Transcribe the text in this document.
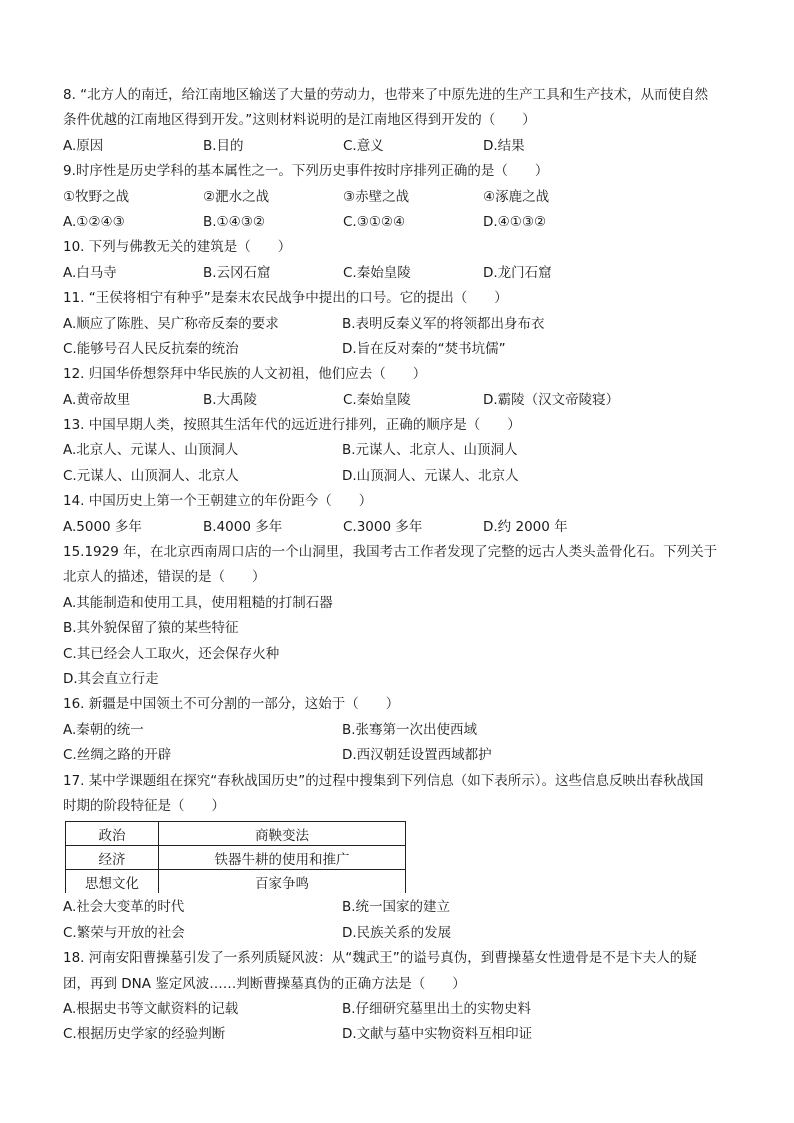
8. “北方人的南迁，给江南地区输送了大量的劳动力，也带来了中原先进的生产工具和生产技术，从而使自然
条件优越的江南地区得到开发。”这则材料说明的是江南地区得到开发的（　　）
A.原因	B.目的	C.意义	D.结果
9.时序性是历史学科的基本属性之一。下列历史事件按时序排列正确的是（　　）
①牧野之战	②淝水之战	③赤壁之战	④涿鹿之战
A.①②④③	B.①④③②	C.③①②④	D.④①③②
10. 下列与佛教无关的建筑是（　　）
A.白马寺	B.云冈石窟	C.秦始皇陵	D.龙门石窟
11. “王侯将相宁有种乎”是秦末农民战争中提出的口号。它的提出（　　）
A.顺应了陈胜、吴广称帝反秦的要求	B.表明反秦义军的将领都出身布衣
C.能够号召人民反抗秦的统治	D.旨在反对秦的“焚书坑儒”
12. 归国华侨想祭拜中华民族的人文初祖，他们应去（　　）
A.黄帝故里	B.大禹陵	C.秦始皇陵	D.霸陵（汉文帝陵寝）
13. 中国早期人类，按照其生活年代的远近进行排列，正确的顺序是（　　）
A.北京人、元谋人、山顶洞人	B.元谋人、北京人、山顶洞人
C.元谋人、山顶洞人、北京人	D.山顶洞人、元谋人、北京人
14. 中国历史上第一个王朝建立的年份距今（　　）
A.5000 多年	B.4000 多年	C.3000 多年	D.约 2000 年
15.1929 年，在北京西南周口店的一个山洞里，我国考古工作者发现了完整的远古人类头盖骨化石。下列关于
北京人的描述，错误的是（　　）
A.其能制造和使用工具，使用粗糙的打制石器
B.其外貌保留了猿的某些特征
C.其已经会人工取火，还会保存火种
D.其会直立行走
16. 新疆是中国领土不可分割的一部分，这始于（　　）
A.秦朝的统一	B.张骞第一次出使西域
C.丝绸之路的开辟	D.西汉朝廷设置西域都护
17. 某中学课题组在探究“春秋战国历史”的过程中搜集到下列信息（如下表所示）。这些信息反映出春秋战国
时期的阶段特征是（　　）
政治	商鞅变法
经济	铁器牛耕的使用和推广
思想文化	百家争鸣
A.社会大变革的时代	B.统一国家的建立
C.繁荣与开放的社会	D.民族关系的发展
18. 河南安阳曹操墓引发了一系列质疑风波：从“魏武王”的谥号真伪，到曹操墓女性遗骨是不是卞夫人的疑
团，再到 DNA 鉴定风波……判断曹操墓真伪的正确方法是（　　）
A.根据史书等文献资料的记载	B.仔细研究墓里出土的实物史料
C.根据历史学家的经验判断	D.文献与墓中实物资料互相印证
